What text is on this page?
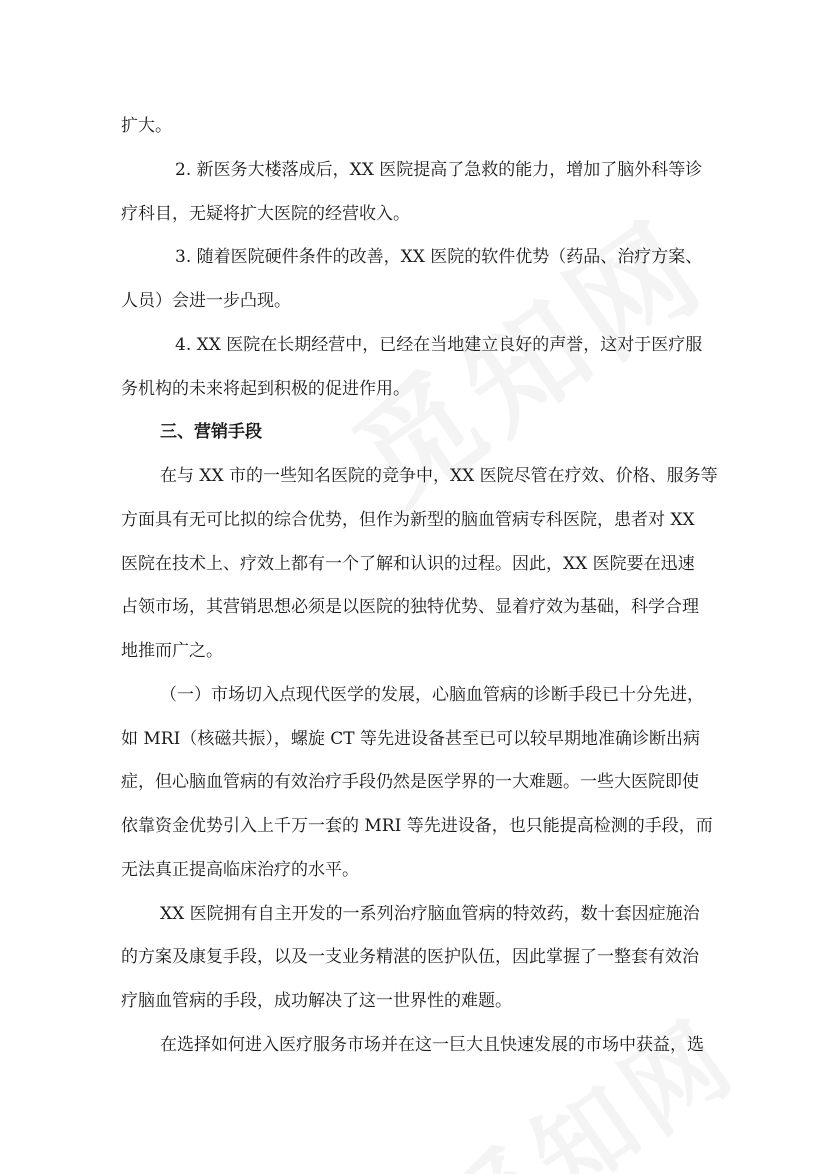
扩大。
2. 新医务大楼落成后，XX 医院提高了急救的能力，增加了脑外科等诊
疗科目，无疑将扩大医院的经营收入。
3. 随着医院硬件条件的改善，XX 医院的软件优势（药品、治疗方案、
人员）会进一步凸现。
4. XX 医院在长期经营中，已经在当地建立良好的声誉，这对于医疗服
务机构的未来将起到积极的促进作用。
三、营销手段
在与 XX 市的一些知名医院的竞争中，XX 医院尽管在疗效、价格、服务等
方面具有无可比拟的综合优势，但作为新型的脑血管病专科医院，患者对 XX
医院在技术上、疗效上都有一个了解和认识的过程。因此，XX 医院要在迅速
占领市场，其营销思想必须是以医院的独特优势、显着疗效为基础，科学合理
地推而广之。
（一）市场切入点现代医学的发展，心脑血管病的诊断手段已十分先进，
如 MRI（核磁共振），螺旋 CT 等先进设备甚至已可以较早期地准确诊断出病
症，但心脑血管病的有效治疗手段仍然是医学界的一大难题。一些大医院即使
依靠资金优势引入上千万一套的 MRI 等先进设备，也只能提高检测的手段，而
无法真正提高临床治疗的水平。
XX 医院拥有自主开发的一系列治疗脑血管病的特效药，数十套因症施治
的方案及康复手段，以及一支业务精湛的医护队伍，因此掌握了一整套有效治
疗脑血管病的手段，成功解决了这一世界性的难题。
在选择如何进入医疗服务市场并在这一巨大且快速发展的市场中获益，选
